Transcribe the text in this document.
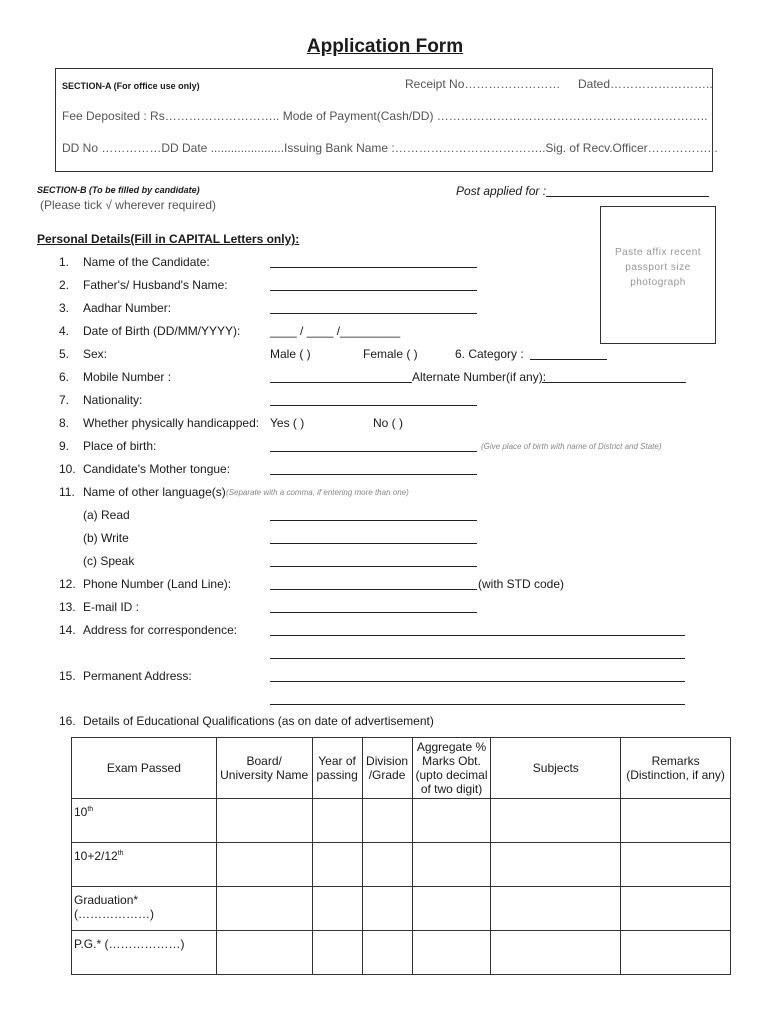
Application Form
SECTION-A (For office use only)	Receipt No…………………… Dated……………………..
Fee Deposited : Rs……………………….. Mode of Payment(Cash/DD) …………………………………………………………..
DD No ……………DD Date ......................Issuing Bank Name :………………………………..Sig. of Recv.Officer……………...
SECTION-B (To be filled by candidate)
(Please tick √ wherever required)
Post applied for :
Paste affix recent passport size photograph
Personal Details(Fill in CAPITAL Letters only):
1. Name of the Candidate:
2. Father's/ Husband's Name:
3. Aadhar Number:
4. Date of Birth (DD/MM/YYYY): ____ / ____ /_________
5. Sex:	Male ( )	Female ( )	6. Category :
6. Mobile Number :	Alternate Number(if any):
7. Nationality:
8. Whether physically handicapped: Yes ( )	No ( )
9. Place of birth:	(Give place of birth with name of District and State)
10. Candidate's Mother tongue:
11. Name of other language(s) (Separate with a comma, if entering more than one)
(a) Read
(b) Write
(c) Speak
12. Phone Number (Land Line):	(with STD code)
13. E-mail ID :
14. Address for correspondence:
15. Permanent Address:
16. Details of Educational Qualifications (as on date of advertisement)
Exam Passed	Board/ University Name	Year of passing	Division /Grade	Aggregate % Marks Obt. (upto decimal of two digit)	Subjects	Remarks (Distinction, if any)
10th						
10+2/12th						
Graduation*(………………)						
P.G.* (………………)						
